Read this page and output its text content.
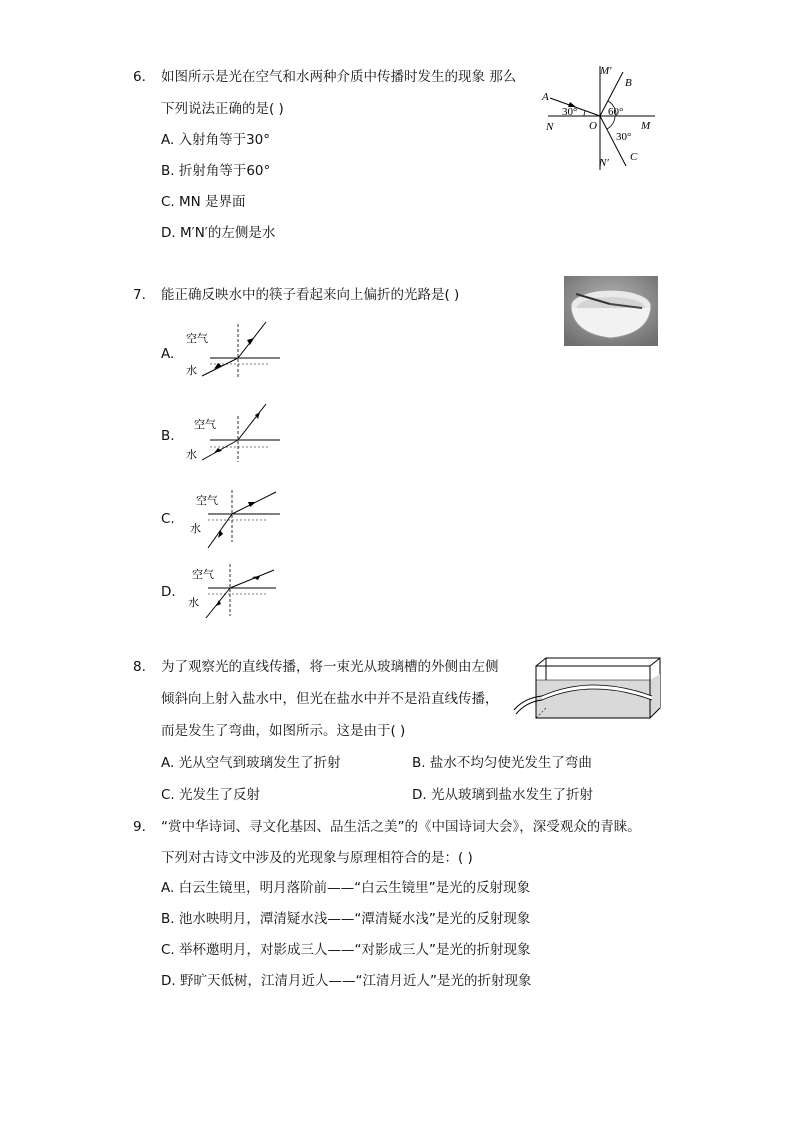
6. 如图所示是光在空气和水两种介质中传播时发生的现象 那么
下列说法正确的是( )
A. 入射角等于30°
B. 折射角等于60°
C. MN 是界面
D. M′N′的左侧是水
M′
B
A
30°	60°
N	O	M
30°
N′ C
7. 能正确反映水中的筷子看起来向上偏折的光路是( )
A.
空气
水
B.
空气
水
C.
空气
水
D.
空气
水
8. 为了观察光的直线传播，将一束光从玻璃槽的外侧由左侧
倾斜向上射入盐水中，但光在盐水中并不是沿直线传播，
而是发生了弯曲，如图所示。这是由于( )
A. 光从空气到玻璃发生了折射	B. 盐水不均匀使光发生了弯曲
C. 光发生了反射	D. 光从玻璃到盐水发生了折射
9. “赏中华诗词、寻文化基因、品生活之美”的《中国诗词大会》，深受观众的青睐。
下列对古诗文中涉及的光现象与原理相符合的是：( )
A. 白云生镜里，明月落阶前——“白云生镜里”是光的反射现象
B. 池水映明月，潭清疑水浅——“潭清疑水浅”是光的反射现象
C. 举杯邀明月，对影成三人——“对影成三人”是光的折射现象
D. 野旷天低树，江清月近人——“江清月近人”是光的折射现象
